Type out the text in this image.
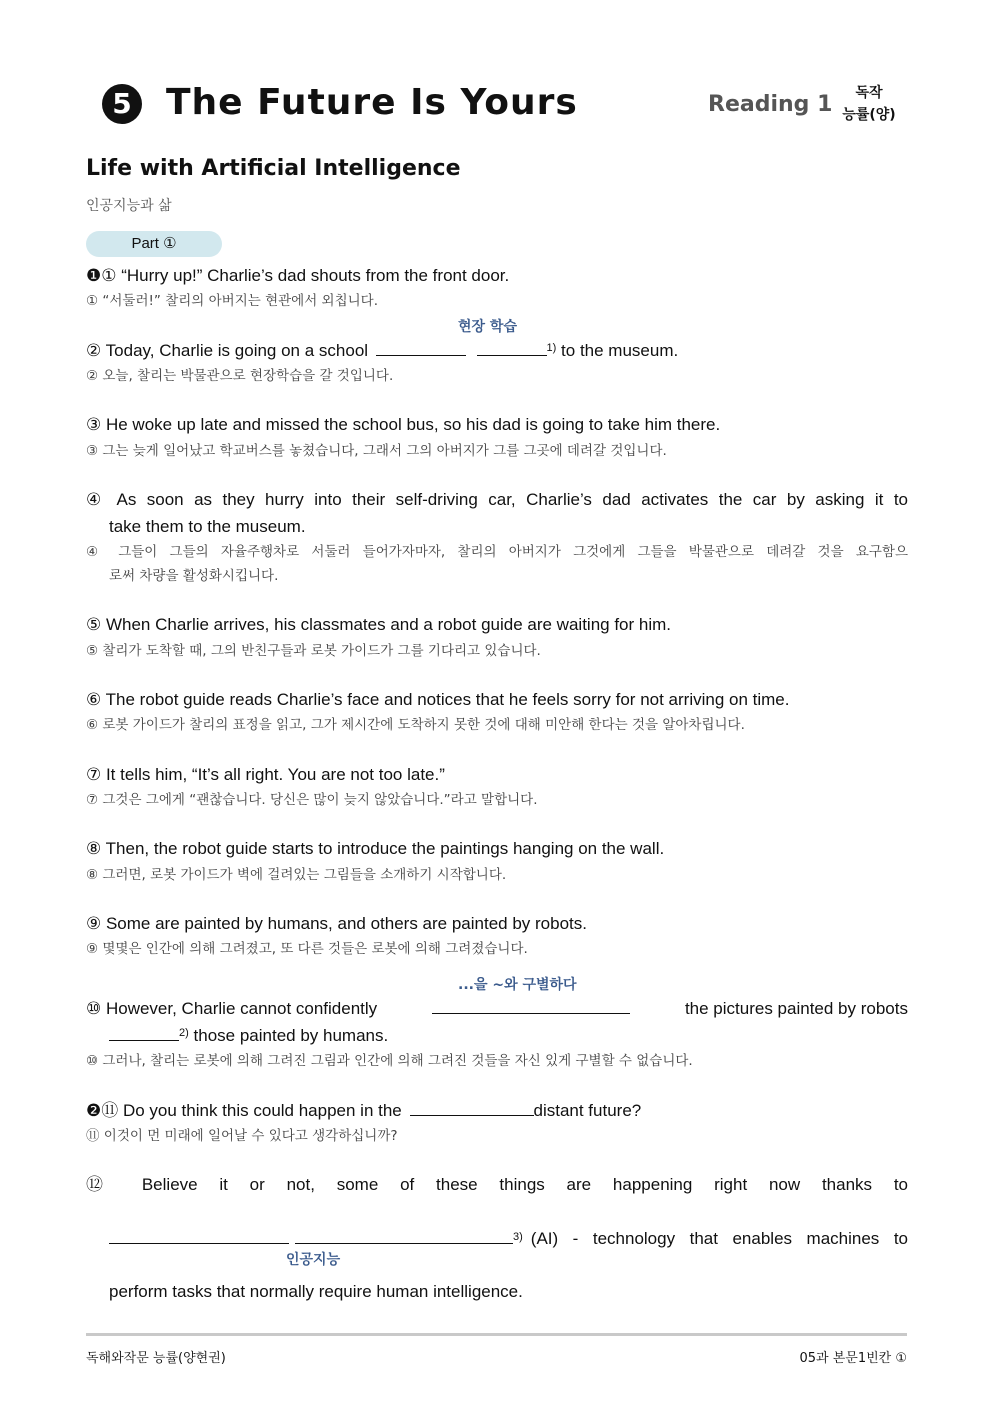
5 The Future Is Yours	Reading 1	독작
능률(양)
Life with Artificial Intelligence
인공지능과 삶
Part ①
❶① “Hurry up!” Charlie’s dad shouts from the front door.
① “서둘러!” 찰리의 아버지는 현관에서 외칩니다.
현장 학습
② Today, Charlie is going on a school	$^{1)}$ to the museum.
② 오늘, 찰리는 박물관으로 현장학습을 갈 것입니다.
③ He woke up late and missed the school bus, so his dad is going to take him there.
③ 그는 늦게 일어났고 학교버스를 놓쳤습니다, 그래서 그의 아버지가 그를 그곳에 데려갈 것입니다.
④ As soon as they hurry into their self-driving car, Charlie’s dad activates the car by asking it to
take them to the museum.
④ 그들이 그들의 자율주행차로 서둘러 들어가자마자, 찰리의 아버지가 그것에게 그들을 박물관으로 데려갈 것을 요구함으
로써 차량을 활성화시킵니다.
⑤ When Charlie arrives, his classmates and a robot guide are waiting for him.
⑤ 찰리가 도착할 때, 그의 반친구들과 로봇 가이드가 그를 기다리고 있습니다.
⑥ The robot guide reads Charlie’s face and notices that he feels sorry for not arriving on time.
⑥ 로봇 가이드가 찰리의 표정을 읽고, 그가 제시간에 도착하지 못한 것에 대해 미안해 한다는 것을 알아차립니다.
⑦ It tells him, “It’s all right. You are not too late.”
⑦ 그것은 그에게 “괜찮습니다. 당신은 많이 늦지 않았습니다.”라고 말합니다.
⑧ Then, the robot guide starts to introduce the paintings hanging on the wall.
⑧ 그러면, 로봇 가이드가 벽에 걸려있는 그림들을 소개하기 시작합니다.
⑨ Some are painted by humans, and others are painted by robots.
⑨ 몇몇은 인간에 의해 그려졌고, 또 다른 것들은 로봇에 의해 그려졌습니다.
...을 ~와 구별하다
⑩ However, Charlie cannot confidently	the pictures painted by robots
$^{2)}$ those painted by humans.
⑩ 그러나, 찰리는 로봇에 의해 그려진 그림과 인간에 의해 그려진 것들을 자신 있게 구별할 수 없습니다.
❷⑪ Do you think this could happen in the	distant future?
⑪ 이것이 먼 미래에 일어날 수 있다고 생각하십니까?
⑫ Believe it or not, some of these things are happening right now thanks to
3) (AI) - technology that enables machines to
인공지능
perform tasks that normally require human intelligence.
독해와작문 능률(양현권)	05과 본문1빈칸 ①
